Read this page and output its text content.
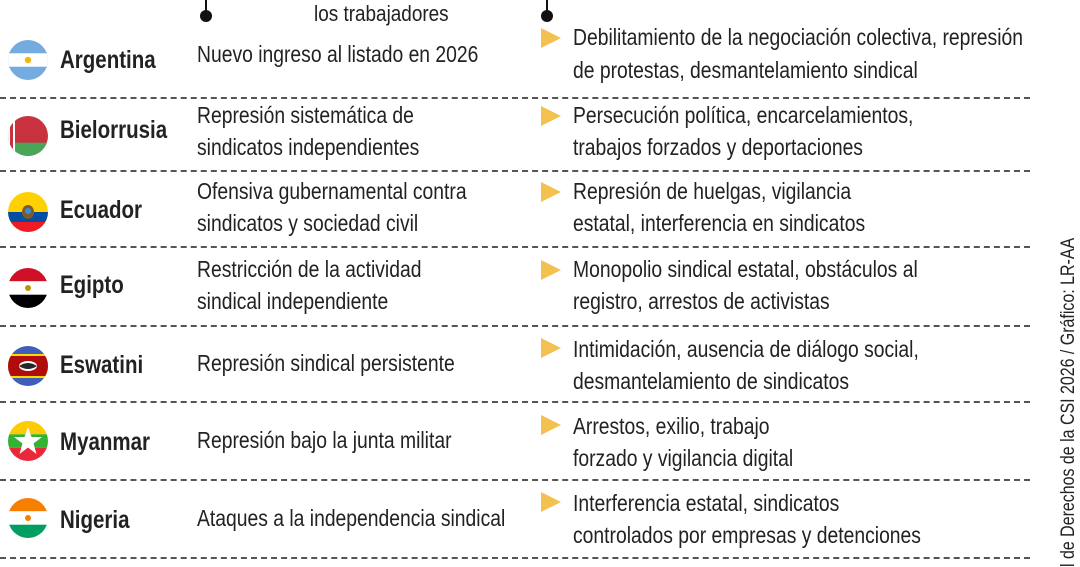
los trabajadores
Argentina Nuevo ingreso al listado en 2026
Debilitamiento de la negociación colectiva, represión
de protestas, desmantelamiento sindical
Bielorrusia
Represión sistemática de
sindicatos independientes
Persecución política, encarcelamientos,
trabajos forzados y deportaciones
Ecuador
Ofensiva gubernamental contra
sindicatos y sociedad civil
Represión de huelgas, vigilancia
estatal, interferencia en sindicatos
Egipto
Restricción de la actividad
sindical independiente
Monopolio sindical estatal, obstáculos al
registro, arrestos de activistas
Eswatini Represión sindical persistente
Intimidación, ausencia de diálogo social,
desmantelamiento de sindicatos
Myanmar Represión bajo la junta militar
Arrestos, exilio, trabajo
forzado y vigilancia digital
Nigeria	Ataques a la independencia sindical
Interferencia estatal, sindicatos
controlados por empresas y detenciones	l de Derechos de la CSI 2026 / Gráfico: LR-AA
